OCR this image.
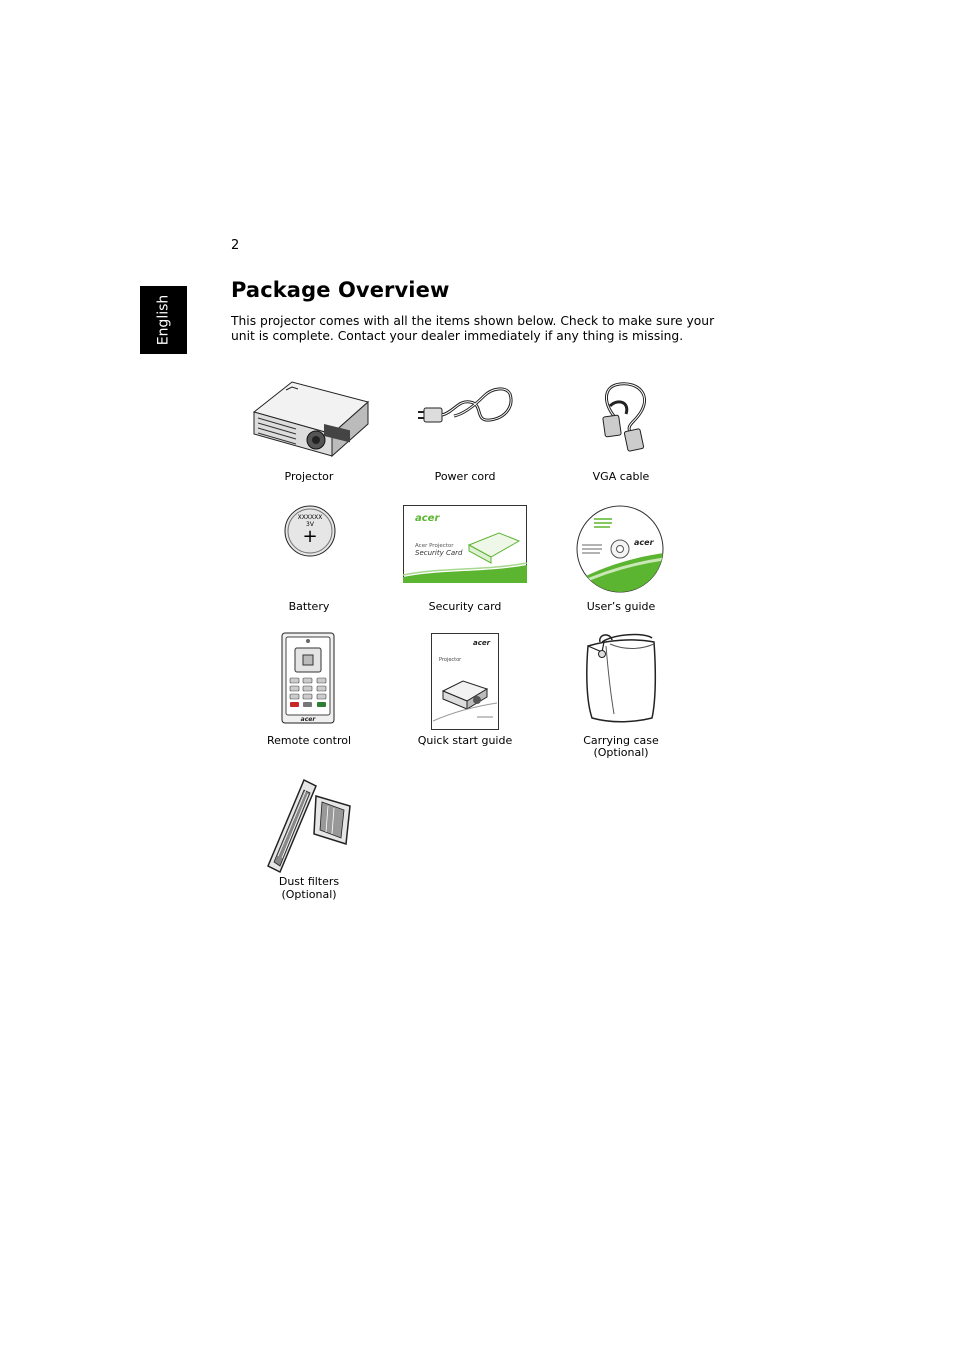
2
English
Package Overview

This projector comes with all the items shown below. Check to make sure your unit is complete. Contact your dealer immediately if any thing is missing.

Projector	Power cord	VGA cable
XXXXXX
3V
+
Battery
acer
Acer Projector
Security Card
Security card
acer
User’s guide
acer
Remote control
acer
Projector
Quick start guide	Carrying case
(Optional)
Dust filters
(Optional)
